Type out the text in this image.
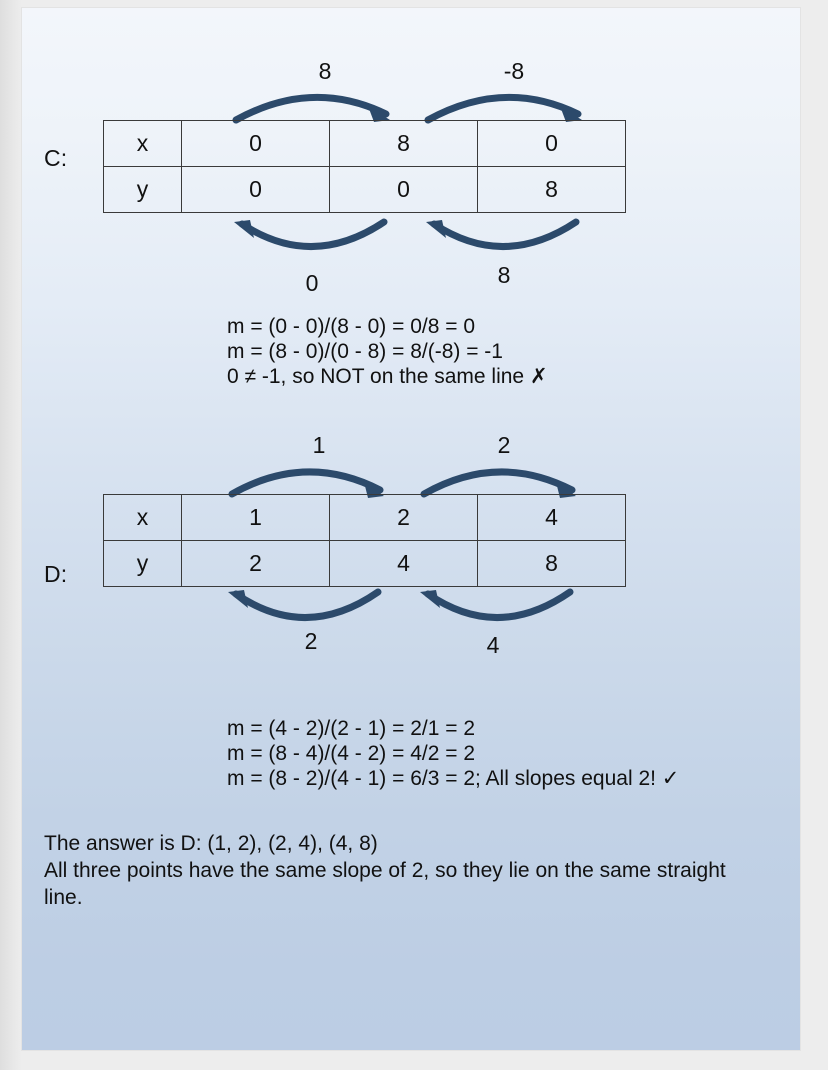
8	-8
x	0	8	0
y	0	0	8
C:
0	8
m = (0 - 0)/(8 - 0) = 0/8 = 0
m = (8 - 0)/(0 - 8) = 8/(-8) = -1
0 ≠ -1, so NOT on the same line ✗
1	2
x	1	2	4
y	2	4	8
D:
2	4
m = (4 - 2)/(2 - 1) = 2/1 = 2
m = (8 - 4)/(4 - 2) = 4/2 = 2
m = (8 - 2)/(4 - 1) = 6/3 = 2; All slopes equal 2! ✓
The answer is D: (1, 2), (2, 4), (4, 8)
All three points have the same slope of 2, so they lie on the same straight line.
